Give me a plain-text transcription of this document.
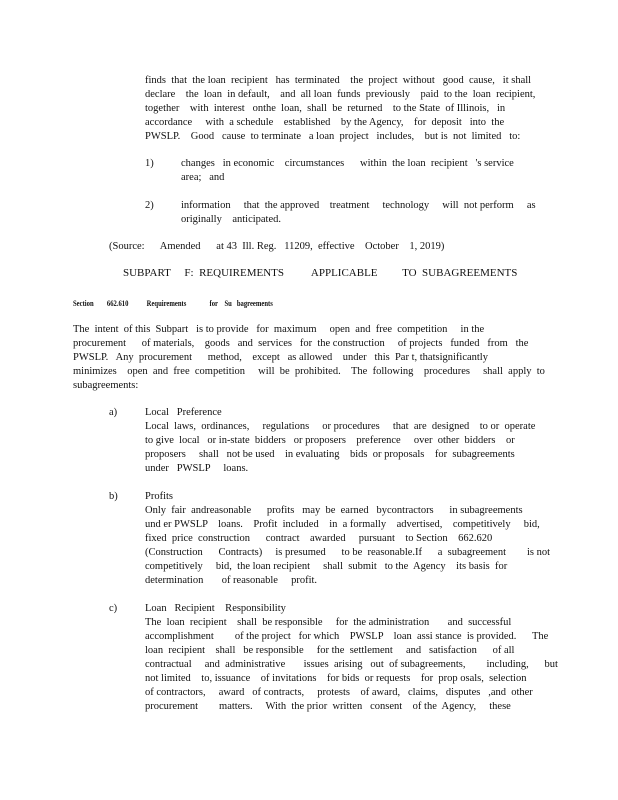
finds  that  the loan  recipient   has  terminated    the  project  without   good  cause,   it shall
declare    the  loan  in default,    and  all loan  funds  previously    paid  to the  loan  recipient,
together    with  interest   onthe  loan,  shall  be  returned    to the State  of Illinois,   in
accordance     with  a schedule    established    by the Agency,    for  deposit   into  the
PWSLP.    Good   cause  to terminate   a loan  project   includes,    but is  not  limited   to:
1)	changes   in economic    circumstances      within  the loan  recipient   's service
area;   and
2)	information     that  the approved    treatment     technology     will  not perform     as
originally    anticipated.
(Source:      Amended      at 43  Ill. Reg.   11209,  effective    October    1, 2019)
SUBPART     F:  REQUIREMENTS          APPLICABLE         TO  SUBAGREEMENTS
Section        662.610           Requirements              for    Su   bagreements
The  intent  of this  Subpart   is to provide   for  maximum     open  and  free  competition     in the
procurement      of materials,    goods   and  services   for  the construction     of projects   funded   from   the
PWSLP.   Any  procurement      method,    except   as allowed    under   this  Par t, thatsignificantly
minimizes    open  and  free  competition     will  be  prohibited.    The  following    procedures     shall  apply  to
subagreements:
a)	Local   Preference
Local  laws,  ordinances,     regulations     or procedures     that  are  designed    to or  operate
to give  local   or in-state  bidders   or proposers    preference     over  other  bidders    or
proposers     shall   not be used    in evaluating    bids  or proposals    for  subagreements
under   PWSLP     loans.
b)	Profits
Only  fair  andreasonable      profits   may  be  earned   bycontractors      in subagreements
und er PWSLP    loans.    Profit  included    in  a formally    advertised,    competitively     bid,
fixed  price  construction      contract    awarded     pursuant    to Section    662.620
(Construction      Contracts)     is presumed      to be  reasonable.If      a  subagreement        is not
competitively     bid,  the loan recipient     shall  submit   to the  Agency    its basis  for
determination       of reasonable     profit.
c)	Loan   Recipient    Responsibility
The  loan  recipient    shall  be responsible     for  the administration       and  successful
accomplishment        of the project   for which    PWSLP    loan  assi stance  is provided.      The
loan  recipient    shall   be responsible     for the  settlement     and   satisfaction      of all
contractual     and  administrative       issues  arising   out  of subagreements,        including,      but
not limited    to, issuance    of invitations    for bids  or requests    for  prop osals,  selection
of contractors,     award   of contracts,     protests    of award,   claims,   disputes   ,and  other
procurement        matters.     With  the prior  written   consent    of the  Agency,     these
